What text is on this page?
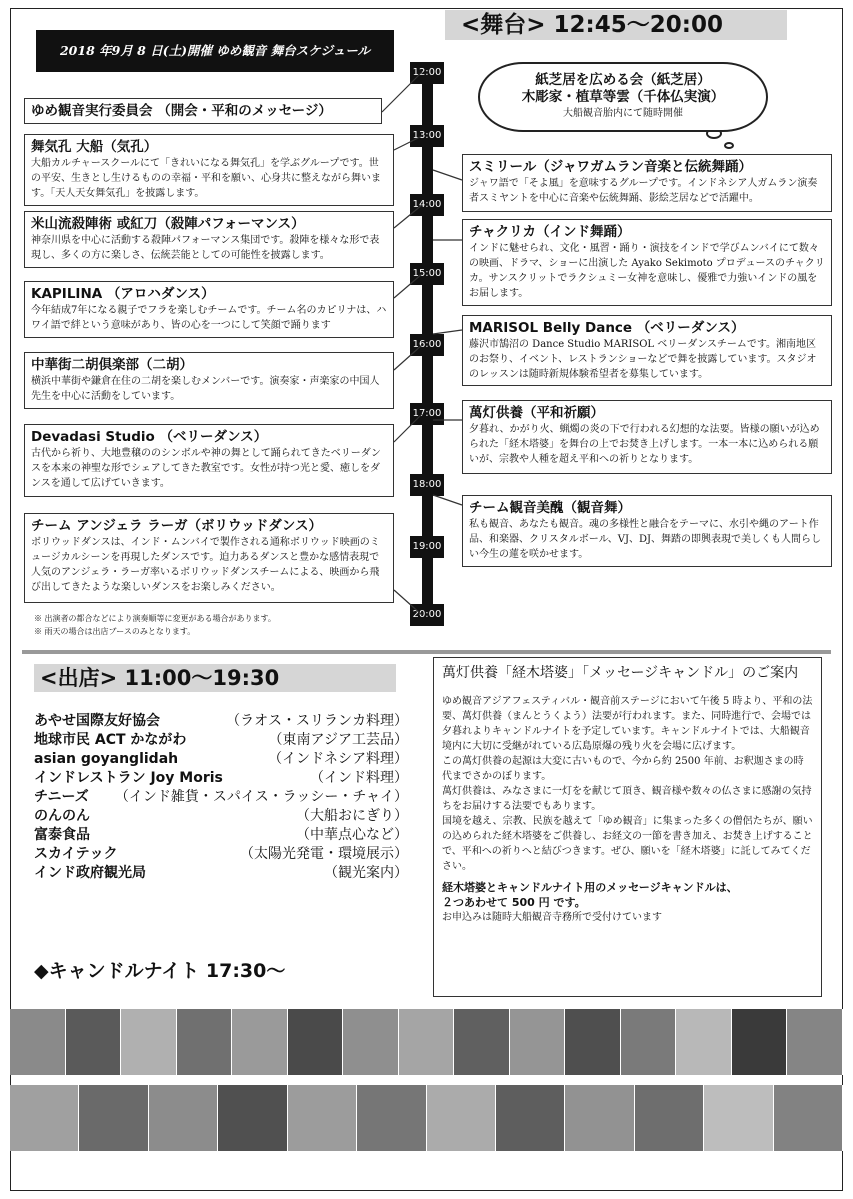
<舞台> 12:45〜20:00
2018 年9月 8 日(土)開催 ゆめ観音 舞台スケジュール
12:00
13:00
14:00
15:00
16:00
17:00
18:00
19:00
20:00
紙芝居を広める会（紙芝居）
木彫家・植草等雲（千体仏実演）
大船観音胎内にて随時開催
ゆめ観音実行委員会 （開会・平和のメッセージ）
舞気孔 大船（気孔）
大船カルチャースクールにて「きれいになる舞気孔」を学ぶグループです。世の平安、生きとし生けるものの幸福・平和を願い、心身共に整えながら舞います。「天人天女舞気孔」を披露します。
米山流殺陣術 或紅刀（殺陣パフォーマンス）
神奈川県を中心に活動する殺陣パフォーマンス集団です。殺陣を様々な形で表現し、多くの方に楽しさ、伝統芸能としての可能性を披露します。
KAPILINA （アロハダンス）
今年結成7年になる親子でフラを楽しむチームです。チーム名のカピリナは、ハワイ語で絆という意味があり、皆の心を一つにして笑顔で踊ります
中華街二胡倶楽部（二胡）
横浜中華街や鎌倉在住の二胡を楽しむメンバーです。演奏家・声楽家の中国人先生を中心に活動をしています。
Devadasi Studio （ベリーダンス）
古代から祈り、大地豊穣ののシンボルや神の舞として踊られてきたベリーダンスを本来の神聖な形でシェアしてきた教室です。女性が持つ光と愛、癒しをダンスを通して広げていきます。
チーム アンジェラ ラーガ（ボリウッドダンス）
ボリウッドダンスは、インド・ムンバイで製作される通称ボリウッド映画のミュージカルシーンを再現したダンスです。迫力あるダンスと豊かな感情表現で人気のアンジェラ・ラーガ率いるボリウッドダンスチームによる、映画から飛び出してきたような楽しいダンスをお楽しみください。
スミリール（ジャワガムラン音楽と伝統舞踊）
ジャワ語で「そよ風」を意味するグループです。インドネシア人ガムラン演奏者スミヤントを中心に音楽や伝統舞踊、影絵芝居などで活躍中。
チャクリカ（インド舞踊）
インドに魅せられ、文化・風習・踊り・演技をインドで学びムンバイにて数々の映画、ドラマ、ショーに出演した Ayako Sekimoto プロデュースのチャクリカ。サンスクリットでラクシュミー女神を意味し、優雅で力強いインドの風をお届します。
MARISOL Belly Dance （ベリーダンス）
藤沢市鵠沼の Dance Studio MARISOL ベリーダンスチームです。湘南地区のお祭り、イベント、レストランショーなどで舞を披露しています。スタジオのレッスンは随時新規体験希望者を募集しています。
萬灯供養（平和祈願）
夕暮れ、かがり火、蝋燭の炎の下で行われる幻想的な法要。皆様の願いが込められた「経木塔婆」を舞台の上でお焚き上げします。一本一本に込められる願いが、宗教や人種を超え平和への祈りとなります。
チーム観音美醜（観音舞）
私も観音、あなたも観音。魂の多様性と融合をテーマに、水引や縄のアート作品、和楽器、クリスタルボール、VJ、DJ、舞踏の即興表現で美しくも人間らしい今生の蓮を咲かせます。
※ 出演者の都合などにより演奏順等に変更がある場合があります。
※ 雨天の場合は出店ブースのみとなります。
<出店> 11:00〜19:30
あやせ国際友好協会	（ラオス・スリランカ料理）
地球市民 ACT かながわ	（東南アジア工芸品）
asian goyanglidah	（インドネシア料理）
インドレストラン Joy Moris	（インド料理）
チニーズ （インド雑貨・スパイス・ラッシー・チャイ）
のんのん	（大船おにぎり）
富泰食品	（中華点心など）
スカイテック	（太陽光発電・環境展示）
インド政府観光局	（観光案内）
◆キャンドルナイト 17:30〜
萬灯供養「経木塔婆」「メッセージキャンドル」のご案内
ゆめ観音アジアフェスティバル・観音前ステージにおいて午後 5 時より、平和の法要、萬灯供養（まんとうくよう）法要が行われます。また、同時進行で、会場では夕暮れよりキャンドルナイトを予定しています。キャンドルナイトでは、大船観音境内に大切に受継がれている広島原爆の残り火を会場に広げます。
この萬灯供養の起源は大変に古いもので、今から約 2500 年前、お釈迦さまの時代までさかのぼります。
萬灯供養は、みなさまに一灯をを献じて頂き、観音様や数々の仏さまに感謝の気持ちをお届けする法要でもあります。
国境を越え、宗教、民族を越えて「ゆめ観音」に集まった多くの僧侶たちが、願いの込められた経木塔婆をご供養し、お経文の一節を書き加え、お焚き上げすることで、平和への祈りへと結びつきます。ぜひ、願いを「経木塔婆」に託してみてください。
経木塔婆とキャンドルナイト用のメッセージキャンドルは、
２つあわせて 500 円 です。
お申込みは随時大船観音寺務所で受付けています
